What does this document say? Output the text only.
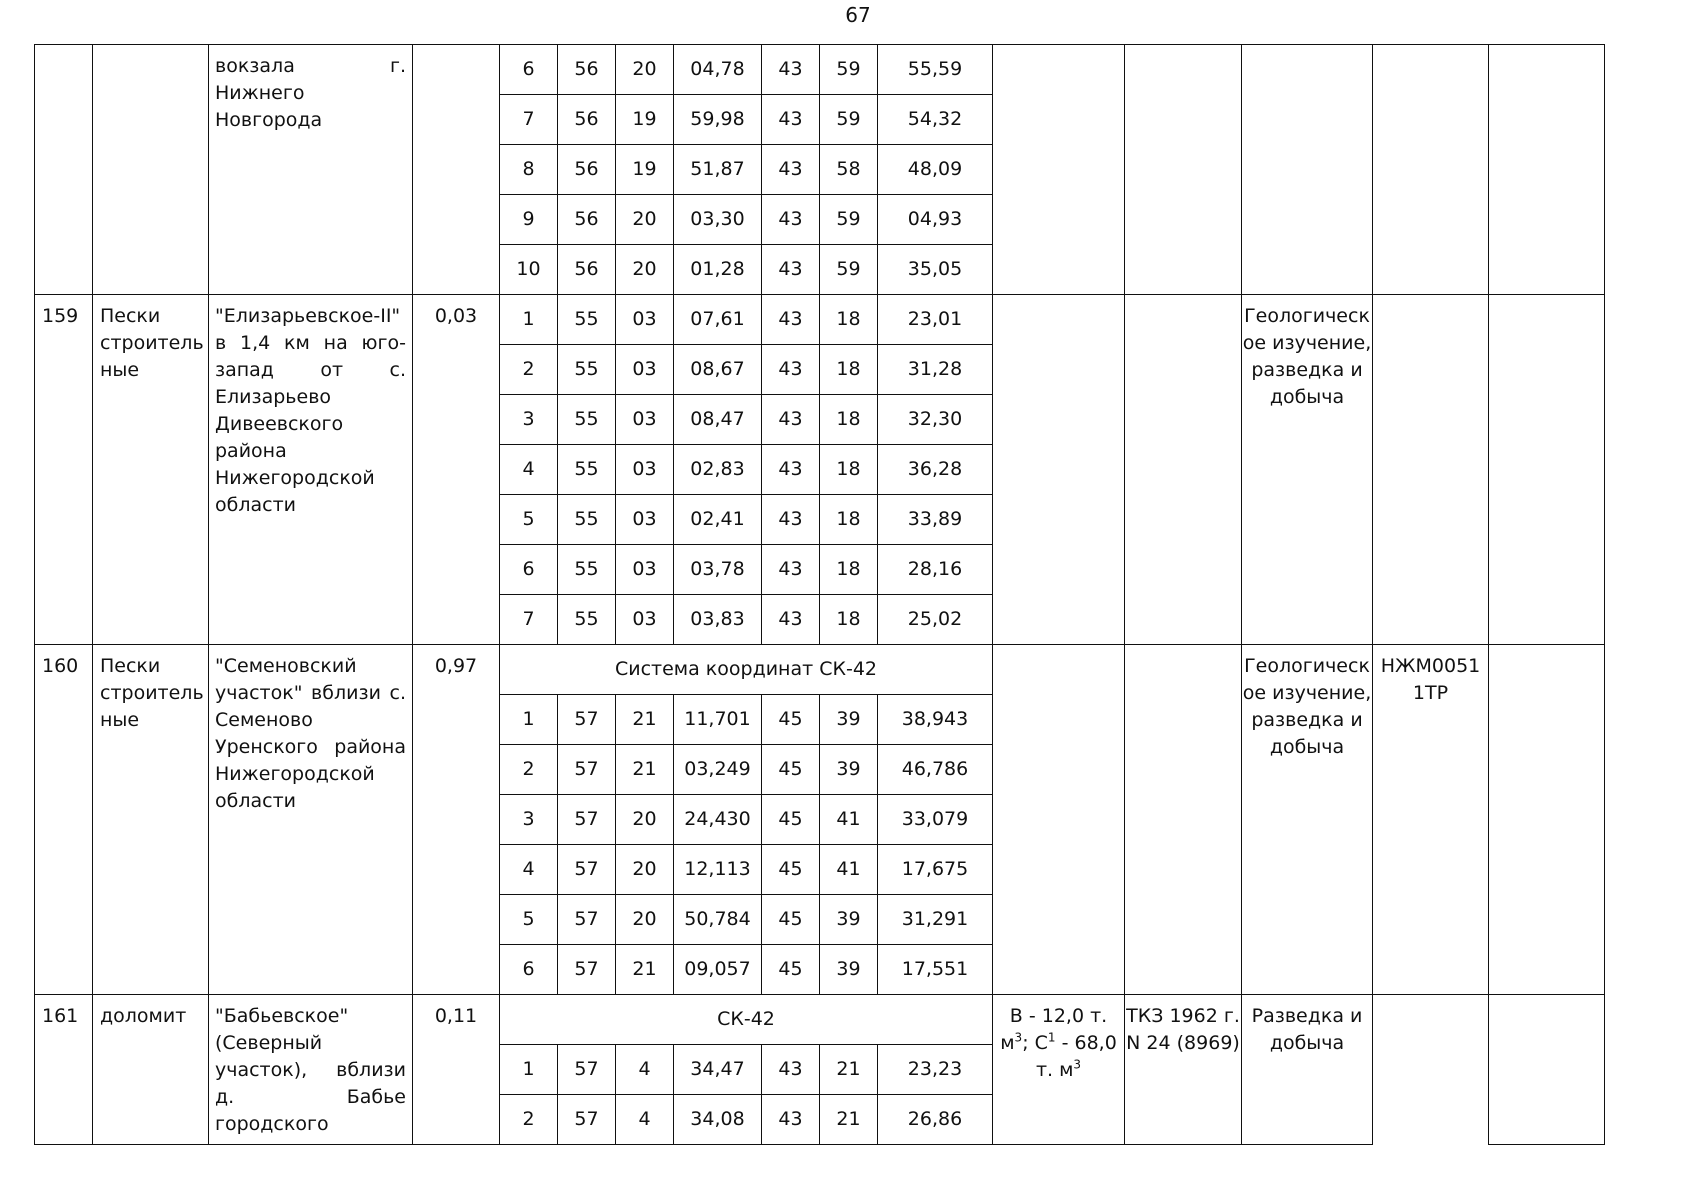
67
		вокзала г. Нижнего Новгорода		6	56	20	04,78	43	59	55,59					
				7	56	19	59,98	43	59	54,32					
				8	56	19	51,87	43	58	48,09					
				9	56	20	03,30	43	59	04,93					
				10	56	20	01,28	43	59	35,05					
159	Пески строитель ные	"Елизарьевское-II" в 1,4 км на юго-запад от с. Елизарьево Дивеевского района Нижегородской области	0,03	1	55	03	07,61	43	18	23,01			Геологическ ое изучение, разведка и добыча		
				2	55	03	08,67	43	18	31,28					
				3	55	03	08,47	43	18	32,30					
				4	55	03	02,83	43	18	36,28					
				5	55	03	02,41	43	18	33,89					
				6	55	03	03,78	43	18	28,16					
				7	55	03	03,83	43	18	25,02					
160	Пески строитель ные	"Семеновский участок" вблизи с. Семеново Уренского района Нижегородской области	0,97	Система координат СК-42									Геологическ ое изучение, разведка и добыча	НЖМ0051 1ТР	
				1	57	21	11,701	45	39	38,943					
				2	57	21	03,249	45	39	46,786					
				3	57	20	24,430	45	41	33,079					
				4	57	20	12,113	45	41	17,675					
				5	57	20	50,784	45	39	31,291					
				6	57	21	09,057	45	39	17,551					
161	доломит	"Бабьевское" (Северный участок), вблизи д. Бабье городского	0,11	СК-42							В - 12,0 т. $м^3$; $С^1 - 68,0$ т. $м^3$	ТКЗ 1962 г. N 24 (8969)	Разведка и добыча		
				1	57	4	34,47	43	21	23,23					
				2	57	4	34,08	43	21	26,86					
